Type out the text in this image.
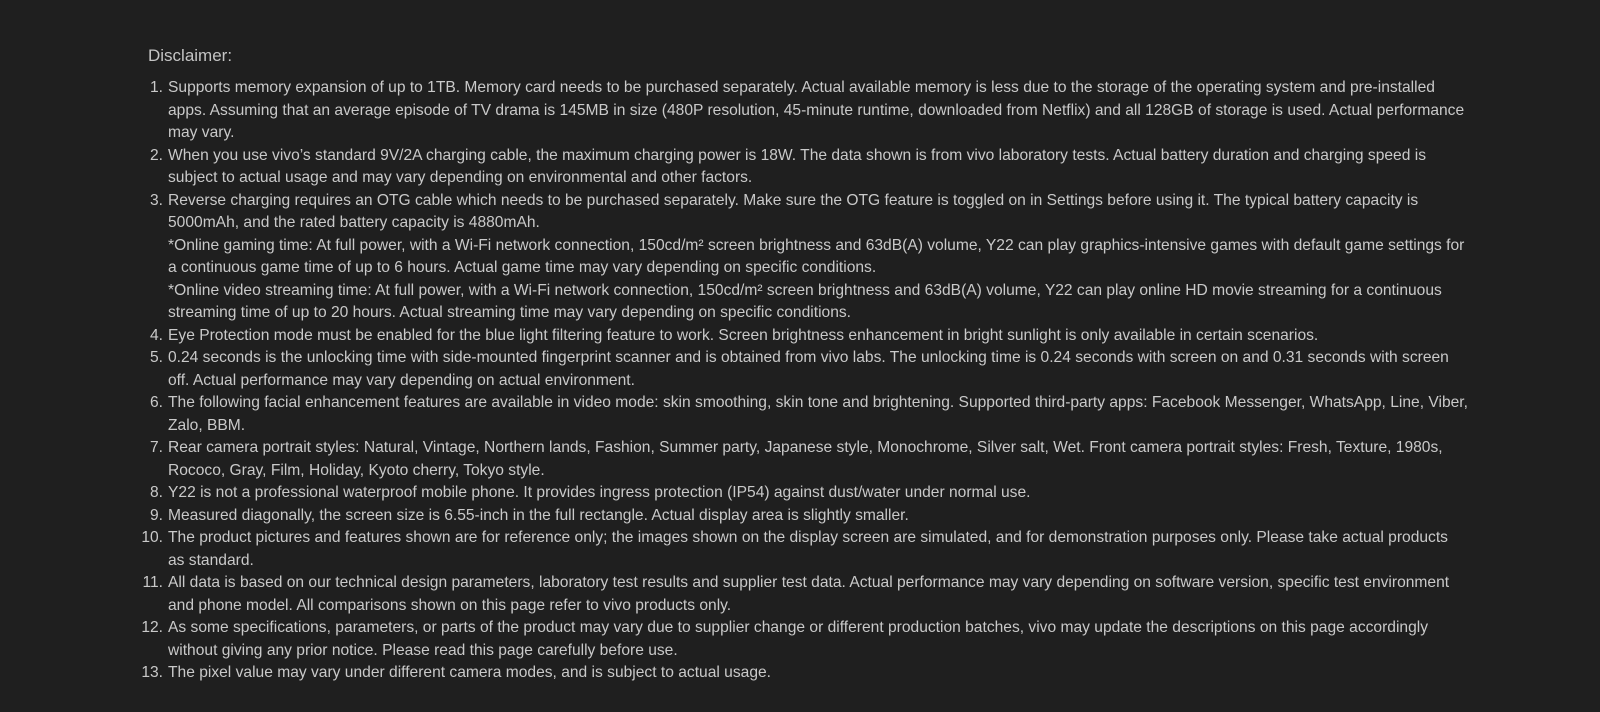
Disclaimer:
1. Supports memory expansion of up to 1TB. Memory card needs to be purchased separately. Actual available memory is less due to the storage of the operating system and pre-installed apps. Assuming that an average episode of TV drama is 145MB in size (480P resolution, 45-minute runtime, downloaded from Netflix) and all 128GB of storage is used. Actual performance may vary.
2. When you use vivo’s standard 9V/2A charging cable, the maximum charging power is 18W. The data shown is from vivo laboratory tests. Actual battery duration and charging speed is subject to actual usage and may vary depending on environmental and other factors.
3. Reverse charging requires an OTG cable which needs to be purchased separately. Make sure the OTG feature is toggled on in Settings before using it. The typical battery capacity is 5000mAh, and the rated battery capacity is 4880mAh.
*Online gaming time: At full power, with a Wi-Fi network connection, 150cd/m² screen brightness and 63dB(A) volume, Y22 can play graphics-intensive games with default game settings for a continuous game time of up to 6 hours. Actual game time may vary depending on specific conditions.
*Online video streaming time: At full power, with a Wi-Fi network connection, 150cd/m² screen brightness and 63dB(A) volume, Y22 can play online HD movie streaming for a continuous streaming time of up to 20 hours. Actual streaming time may vary depending on specific conditions.
4. Eye Protection mode must be enabled for the blue light filtering feature to work. Screen brightness enhancement in bright sunlight is only available in certain scenarios.
5. 0.24 seconds is the unlocking time with side-mounted fingerprint scanner and is obtained from vivo labs. The unlocking time is 0.24 seconds with screen on and 0.31 seconds with screen off. Actual performance may vary depending on actual environment.
6. The following facial enhancement features are available in video mode: skin smoothing, skin tone and brightening. Supported third-party apps: Facebook Messenger, WhatsApp, Line, Viber, Zalo, BBM.
7. Rear camera portrait styles: Natural, Vintage, Northern lands, Fashion, Summer party, Japanese style, Monochrome, Silver salt, Wet. Front camera portrait styles: Fresh, Texture, 1980s, Rococo, Gray, Film, Holiday, Kyoto cherry, Tokyo style.
8. Y22 is not a professional waterproof mobile phone. It provides ingress protection (IP54) against dust/water under normal use.
9. Measured diagonally, the screen size is 6.55-inch in the full rectangle. Actual display area is slightly smaller.
10. The product pictures and features shown are for reference only; the images shown on the display screen are simulated, and for demonstration purposes only. Please take actual products as standard.
11. All data is based on our technical design parameters, laboratory test results and supplier test data. Actual performance may vary depending on software version, specific test environment and phone model. All comparisons shown on this page refer to vivo products only.
12. As some specifications, parameters, or parts of the product may vary due to supplier change or different production batches, vivo may update the descriptions on this page accordingly without giving any prior notice. Please read this page carefully before use.
13. The pixel value may vary under different camera modes, and is subject to actual usage.
